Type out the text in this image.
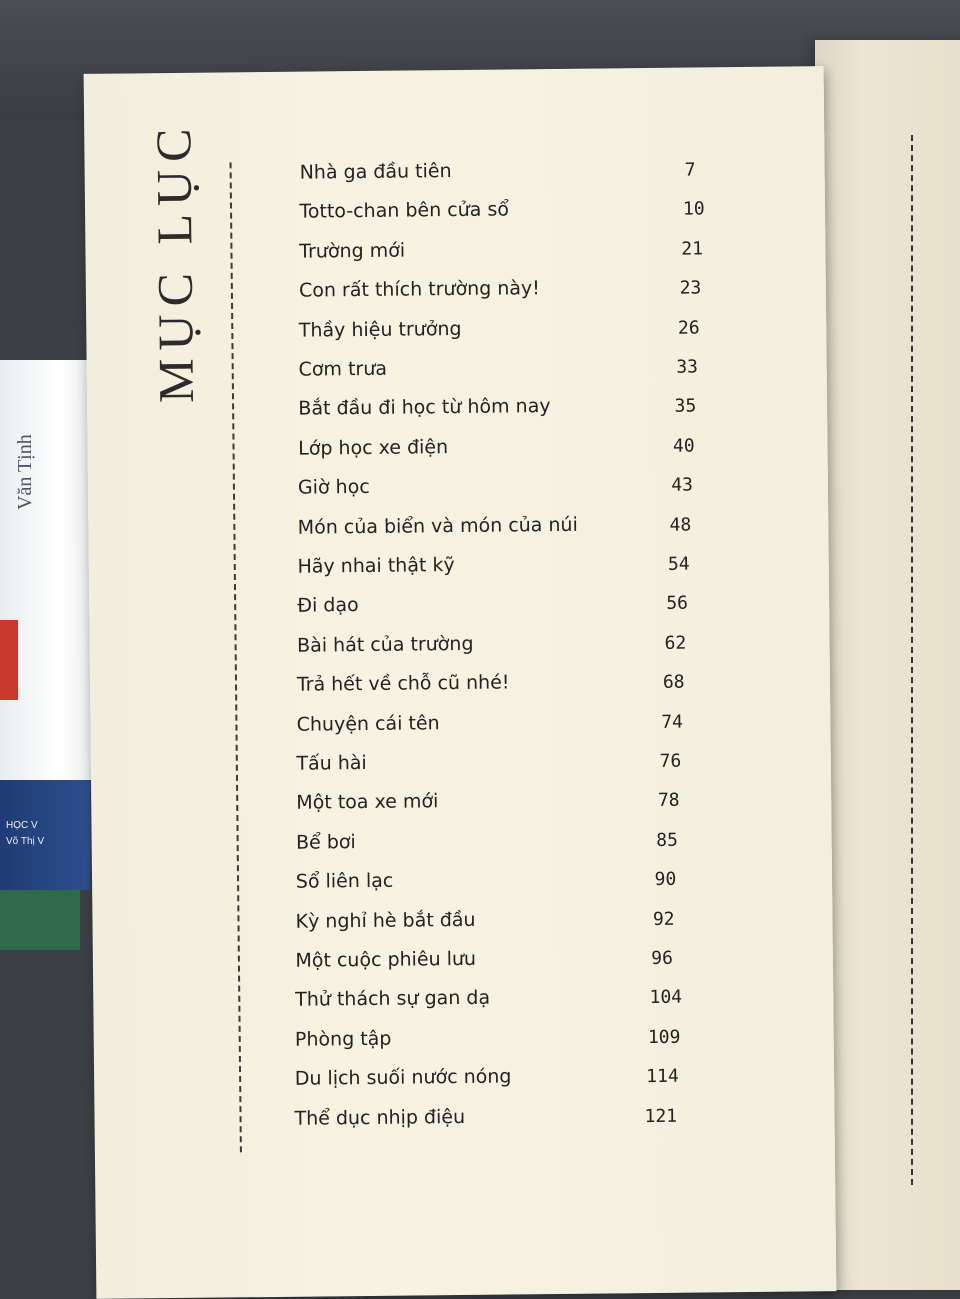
Văn Tịnh
HỌC V
Võ Thị V
MỤC LỤC	Nhà ga đầu tiên	7
Totto-chan bên cửa sổ	10
Trường mới	21
Con rất thích trường này!	23
Thầy hiệu trưởng	26
Cơm trưa	33
Bắt đầu đi học từ hôm nay	35
Lớp học xe điện	40
Giờ học	43
Món của biển và món của núi	48
Hãy nhai thật kỹ	54
Đi dạo	56
Bài hát của trường	62
Trả hết về chỗ cũ nhé!	68
Chuyện cái tên	74
Tấu hài	76
Một toa xe mới	78
Bể bơi	85
Sổ liên lạc	90
Kỳ nghỉ hè bắt đầu	92
Một cuộc phiêu lưu	96
Thử thách sự gan dạ	104
Phòng tập	109
Du lịch suối nước nóng	114
Thể dục nhịp điệu	121
